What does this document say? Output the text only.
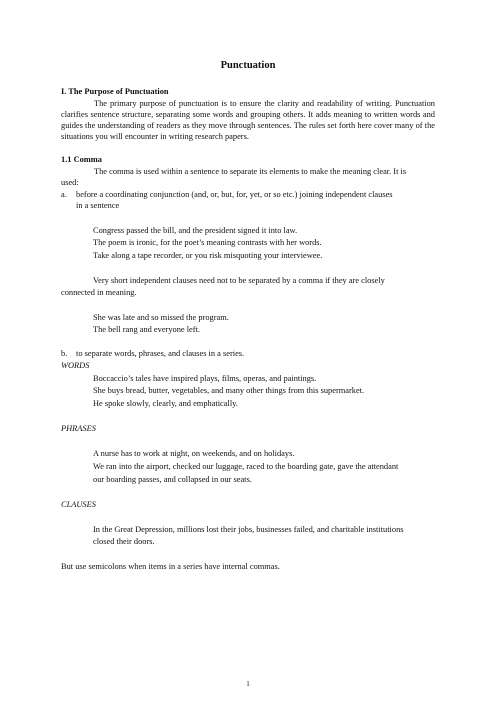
Punctuation
I. The Purpose of Punctuation
The primary purpose of punctuation is to ensure the clarity and readability of writing. Punctuation clarifies sentence structure, separating some words and grouping others. It adds meaning to written words and guides the understanding of readers as they move through sentences. The rules set forth here cover many of the situations you will encounter in writing research papers.
1.1 Comma
The comma is used within a sentence to separate its elements to make the meaning clear. It is
used:
a. before a coordinating conjunction (and, or, but, for, yet, or so etc.) joining independent clauses
in a sentence
Congress passed the bill, and the president signed it into law.
The poem is ironic, for the poet’s meaning contrasts with her words.
Take along a tape recorder, or you risk misquoting your interviewee.
Very short independent clauses need not to be separated by a comma if they are closely
connected in meaning.
She was late and so missed the program.
The bell rang and everyone left.
b. to separate words, phrases, and clauses in a series.
WORDS
Boccaccio’s tales have inspired plays, films, operas, and paintings.
She buys bread, butter, vegetables, and many other things from this supermarket.
He spoke slowly, clearly, and emphatically.
PHRASES
A nurse has to work at night, on weekends, and on holidays.
We ran into the airport, checked our luggage, raced to the boarding gate, gave the attendant
our boarding passes, and collapsed in our seats.
CLAUSES
In the Great Depression, millions lost their jobs, businesses failed, and charitable institutions
closed their doors.
But use semicolons when items in a series have internal commas.
1
